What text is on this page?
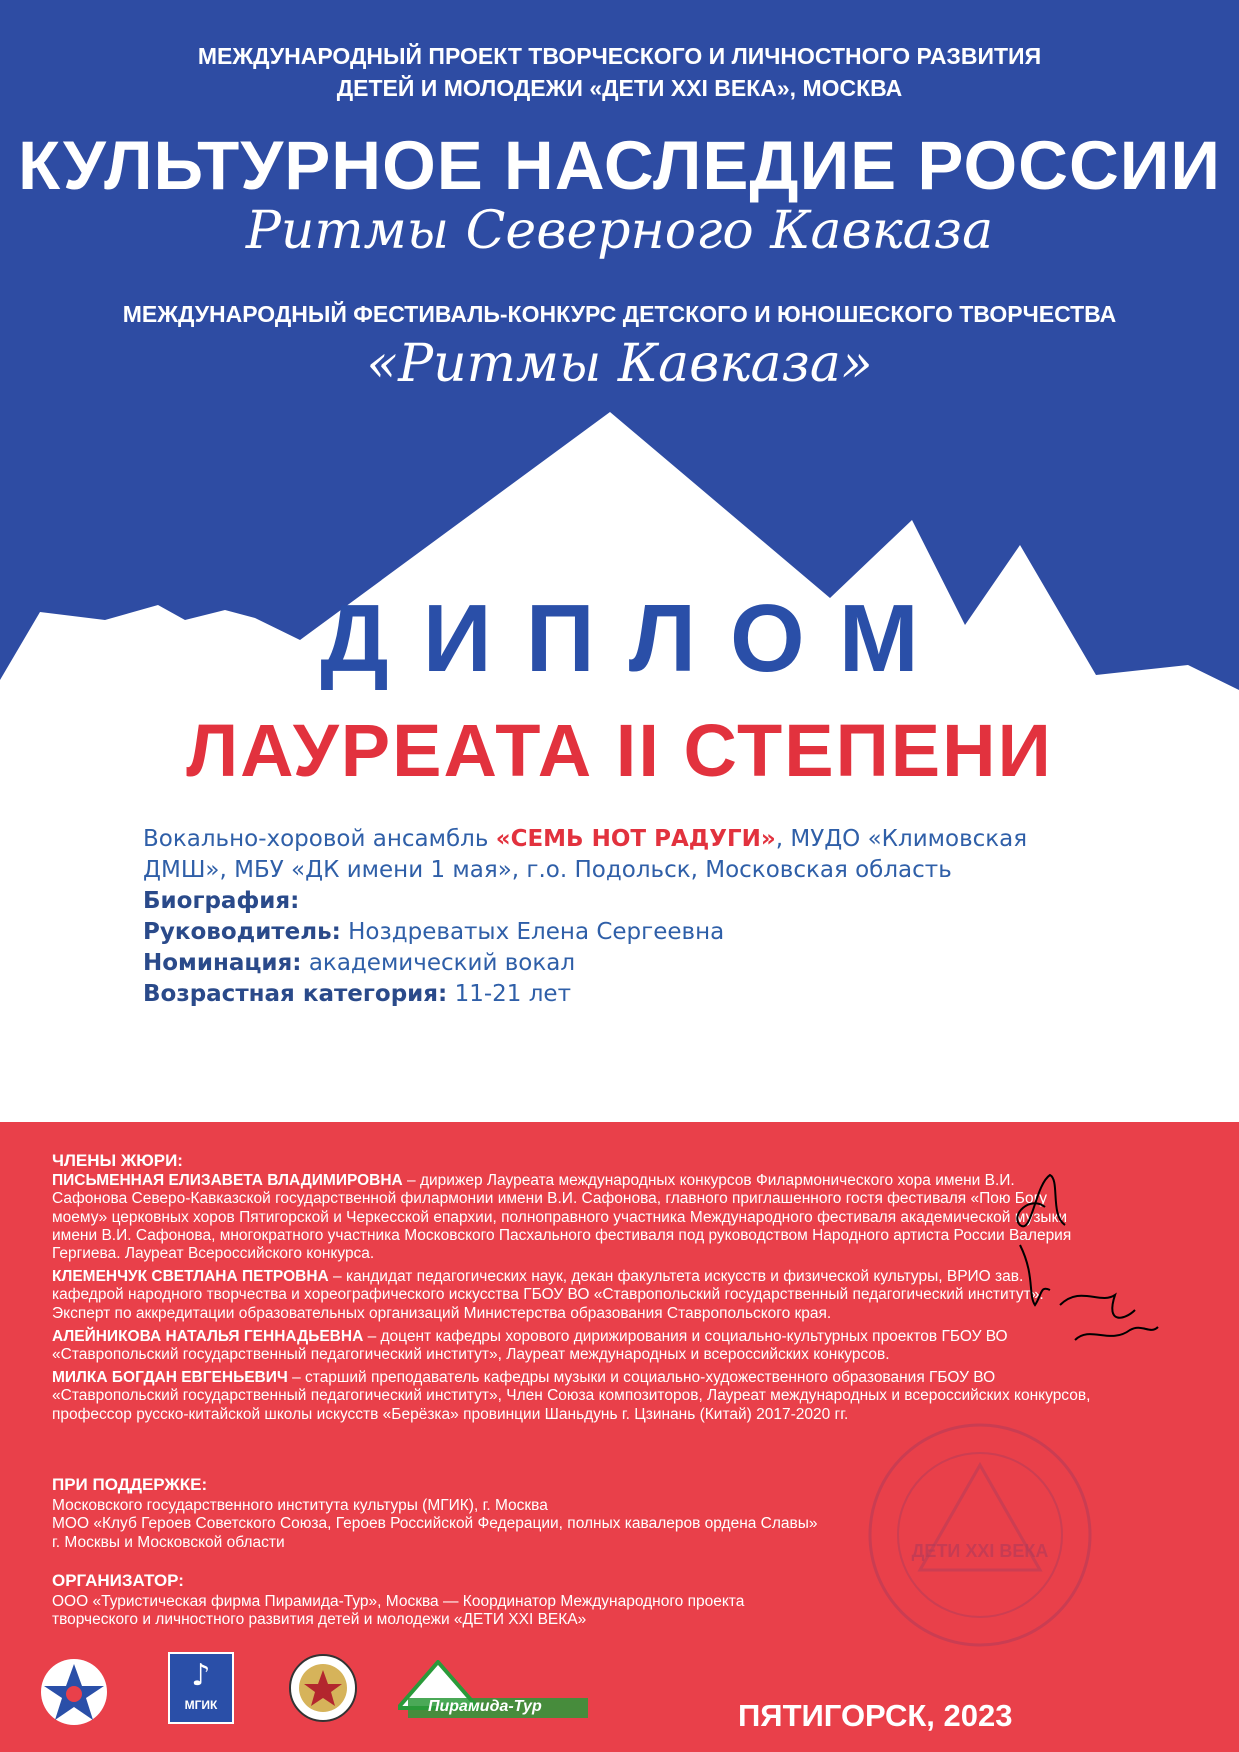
МЕЖДУНАРОДНЫЙ ПРОЕКТ ТВОРЧЕСКОГО И ЛИЧНОСТНОГО РАЗВИТИЯ
ДЕТЕЙ И МОЛОДЕЖИ «ДЕТИ XXI ВЕКА», МОСКВА
КУЛЬТУРНОЕ НАСЛЕДИЕ РОССИИ
Ритмы Северного Кавказа
МЕЖДУНАРОДНЫЙ ФЕСТИВАЛЬ-КОНКУРС ДЕТСКОГО И ЮНОШЕСКОГО ТВОРЧЕСТВА
«Ритмы Кавказа»
ДИПЛОМ
ЛАУРЕАТА II СТЕПЕНИ
Вокально-хоровой ансамбль «СЕМЬ НОТ РАДУГИ», МУДО «Климовская
ДМШ», МБУ «ДК имени 1 мая», г.о. Подольск, Московская область
Биография:
Руководитель: Ноздреватых Елена Сергеевна
Номинация: академический вокал
Возрастная категория: 11-21 лет
ЧЛЕНЫ ЖЮРИ:
ПИСЬМЕННАЯ ЕЛИЗАВЕТА ВЛАДИМИРОВНА – дирижер Лауреата международных конкурсов Филармонического хора имени В.И. Сафонова Северо-Кавказской государственной филармонии имени В.И. Сафонова, главного приглашенного гостя фестиваля «Пою Богу моему» церковных хоров Пятигорской и Черкесской епархии, полноправного участника Международного фестиваля академической музыки имени В.И. Сафонова, многократного участника Московского Пасхального фестиваля под руководством Народного артиста России Валерия Гергиева. Лауреат Всероссийского конкурса.
КЛЕМЕНЧУК СВЕТЛАНА ПЕТРОВНА – кандидат педагогических наук, декан факультета искусств и физической культуры, ВРИО зав. кафедрой народного творчества и хореографического искусства ГБОУ ВО «Ставропольский государственный педагогический институт». Эксперт по аккредитации образовательных организаций Министерства образования Ставропольского края.
АЛЕЙНИКОВА НАТАЛЬЯ ГЕННАДЬЕВНА – доцент кафедры хорового дирижирования и социально-культурных проектов ГБОУ ВО «Ставропольский государственный педагогический институт», Лауреат международных и всероссийских конкурсов.
МИЛКА БОГДАН ЕВГЕНЬЕВИЧ – старший преподаватель кафедры музыки и социально-художественного образования ГБОУ ВО «Ставропольский государственный педагогический институт», Член Союза композиторов, Лауреат международных и всероссийских конкурсов, профессор русско-китайской школы искусств «Берёзка» провинции Шаньдунь г. Цзинань (Китай) 2017-2020 гг.
ПРИ ПОДДЕРЖКЕ:
Московского государственного института культуры (МГИК), г. Москва
МОО «Клуб Героев Советского Союза, Героев Российской Федерации, полных кавалеров ордена Славы»
г. Москвы и Московской области
ОРГАНИЗАТОР:
ООО «Туристическая фирма Пирамида-Тур», Москва — Координатор Международного проекта
творческого и личностного развития детей и молодежи «ДЕТИ XXI ВЕКА»
ДЕТИ XXI ВЕКА
♪
МГИК	Пирамида-Тур	ПЯТИГОРСК, 2023
